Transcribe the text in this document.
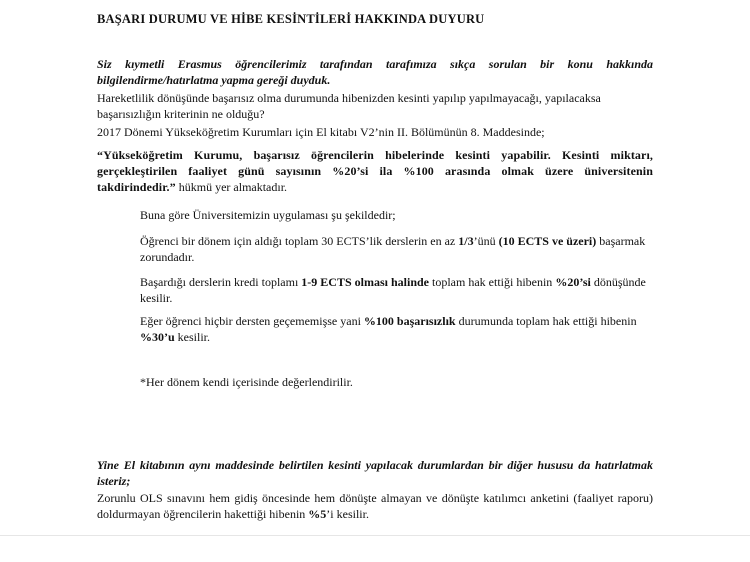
BAŞARI DURUMU VE HİBE KESİNTİLERİ HAKKINDA DUYURU

Siz kıymetli Erasmus öğrencilerimiz tarafından tarafımıza sıkça sorulan bir konu hakkında bilgilendirme/hatırlatma yapma gereği duyduk.

Hareketlilik dönüşünde başarısız olma durumunda hibenizden kesinti yapılıp yapılmayacağı, yapılacaksa başarısızlığın kriterinin ne olduğu?

2017 Dönemi Yükseköğretim Kurumları için El kitabı V2’nin II. Bölümünün 8. Maddesinde;

“Yükseköğretim Kurumu, başarısız öğrencilerin hibelerinde kesinti yapabilir. Kesinti miktarı, gerçekleştirilen faaliyet günü sayısının %20’si ila %100 arasında olmak üzere üniversitenin takdirindedir.” hükmü yer almaktadır.

Buna göre Üniversitemizin uygulaması şu şekildedir;

Öğrenci bir dönem için aldığı toplam 30 ECTS’lik derslerin en az 1/3’ünü (10 ECTS ve üzeri) başarmak zorundadır.

Başardığı derslerin kredi toplamı 1-9 ECTS olması halinde toplam hak ettiği hibenin %20’si dönüşünde kesilir.

Eğer öğrenci hiçbir dersten geçememişse yani %100 başarısızlık durumunda toplam hak ettiği hibenin %30’u kesilir.

*Her dönem kendi içerisinde değerlendirilir.

Yine El kitabının aynı maddesinde belirtilen kesinti yapılacak durumlardan bir diğer hususu da hatırlatmak isteriz;

Zorunlu OLS sınavını hem gidiş öncesinde hem dönüşte almayan ve dönüşte katılımcı anketini (faaliyet raporu) doldurmayan öğrencilerin hakettiği hibenin %5’i kesilir.
